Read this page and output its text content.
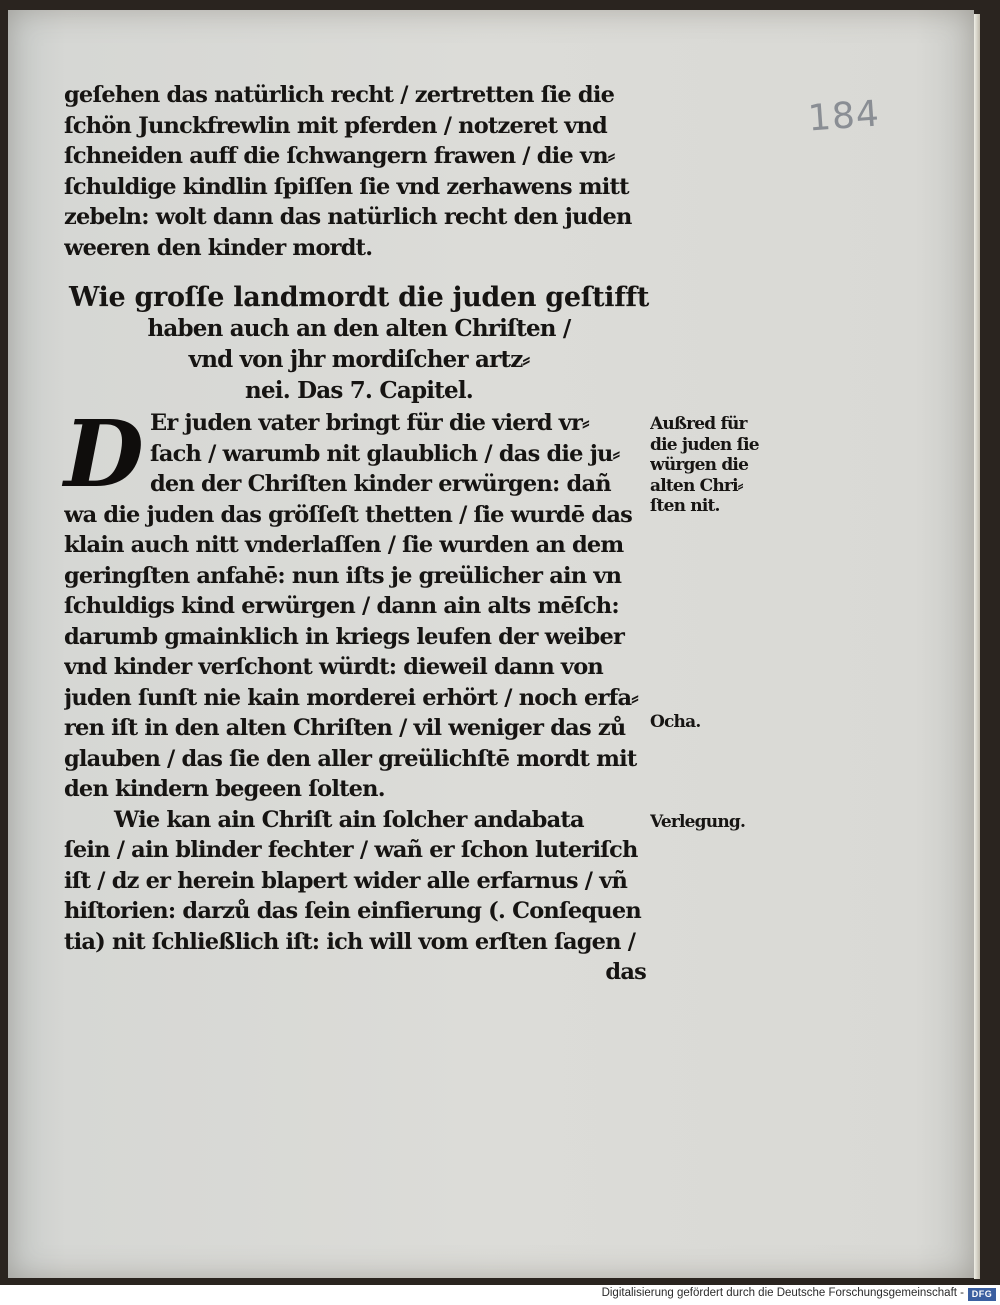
184
geſehen das natürlich recht / zertretten ſie die
ſchön Junckfrewlin mit pferden / notzeret vnd
ſchneiden auff die ſchwangern frawen / die vn⸗
ſchuldige kindlin ſpiſſen ſie vnd zerhawens mitt
zebeln: wolt dann das natürlich recht den juden
weeren den kinder mordt.
Wie groſſe landmordt die juden geſtifft
haben auch an den alten Chriſten /
vnd von jhr mordiſcher artz⸗
nei. Das 7. Capitel.
D Er juden vater bringt für die vierd vr⸗
ſach / warumb nit glaublich / das die ju⸗
den der Chriſten kinder erwürgen: dañ
wa die juden das gröſſeſt thetten / ſie wurdē das
klain auch nitt vnderlaſſen / ſie wurden an dem
geringſten anfahē: nun iſts je greülicher ain vn
ſchuldigs kind erwürgen / dann ain alts mēſch:
darumb gmainklich in kriegs leufen der weiber
vnd kinder verſchont würdt: dieweil dann von
juden ſunſt nie kain morderei erhört / noch erfa⸗
ren iſt in den alten Chriſten / vil weniger das zů
glauben / das ſie den aller greülichſtē mordt mit
den kindern begeen ſolten.
Wie kan ain Chriſt ain ſolcher andabata
ſein / ain blinder fechter / wañ er ſchon luteriſch
iſt / dz er herein blapert wider alle erfarnus / vñ
hiſtorien: darzů das ſein einfierung (. Conſequen
tia) nit ſchließlich iſt: ich will vom erſten ſagen /
das
Außred für
die juden ſie
würgen die
alten Chri⸗
ſten nit.
Ocha.
Verlegung.
Digitalisierung gefördert durch die Deutsche Forschungsgemeinschaft - DFG
